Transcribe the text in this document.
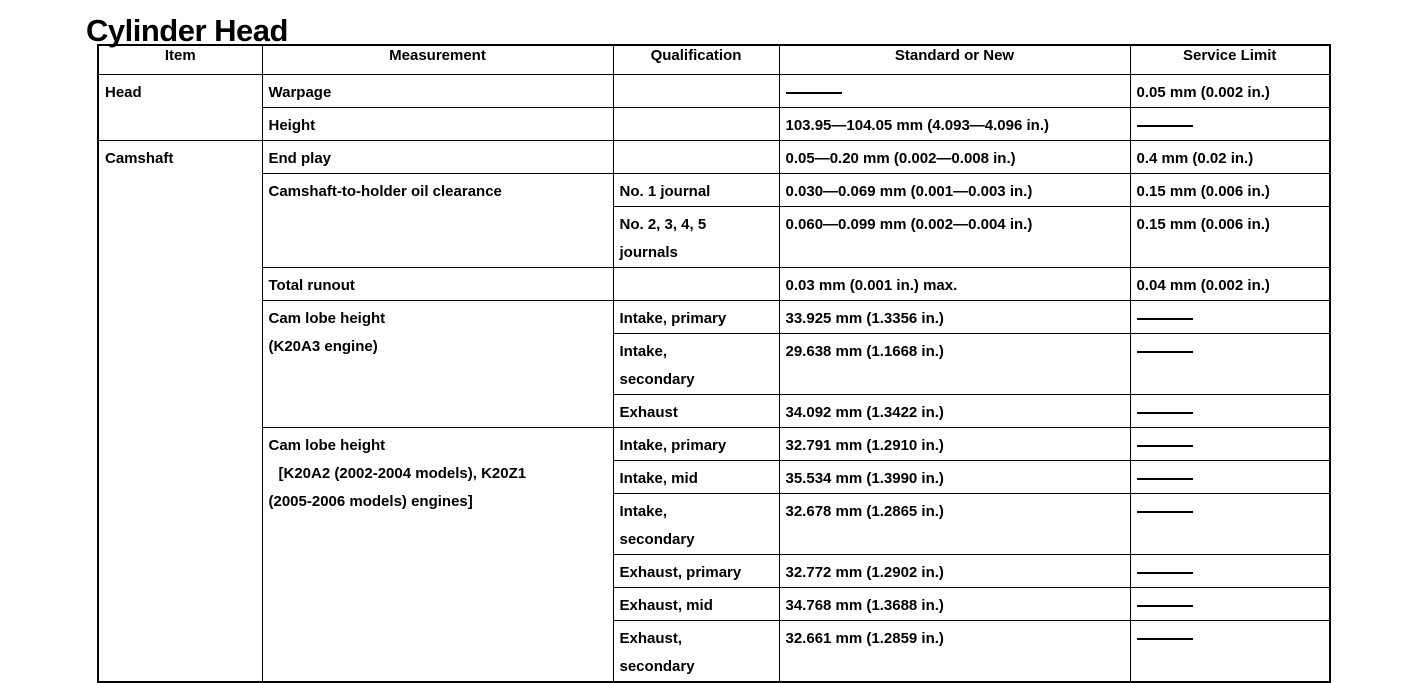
Cylinder Head
Item	Measurement	Qualification	Standard or New	Service Limit
Head	Warpage			0.05 mm (0.002 in.)
	Height		103.95—104.05 mm (4.093—4.096 in.)	
Camshaft	End play		0.05—0.20 mm (0.002—0.008 in.)	0.4 mm (0.02 in.)
	Camshaft-to-holder oil clearance	No. 1 journal	0.030—0.069 mm (0.001—0.003 in.)	0.15 mm (0.006 in.)

		No. 2, 3, 4, 5
journals	0.060—0.099 mm (0.002—0.004 in.)	0.15 mm (0.006 in.)
	Total runout		0.03 mm (0.001 in.) max.	0.04 mm (0.002 in.)

	Cam lobe height
(K20A3 engine)	Intake, primary	33.925 mm (1.3356 in.)	

		Intake,
secondary	29.638 mm (1.1668 in.)	
		Exhaust	34.092 mm (1.3422 in.)	

	Cam lobe height
[K20A2 (2002-2004 models), K20Z1
(2005-2006 models) engines]	Intake, primary	32.791 mm (1.2910 in.)	
		Intake, mid	35.534 mm (1.3990 in.)	

		Intake,
secondary	32.678 mm (1.2865 in.)	
		Exhaust, primary	32.772 mm (1.2902 in.)	
		Exhaust, mid	34.768 mm (1.3688 in.)	

		Exhaust,
secondary	32.661 mm (1.2859 in.)	
